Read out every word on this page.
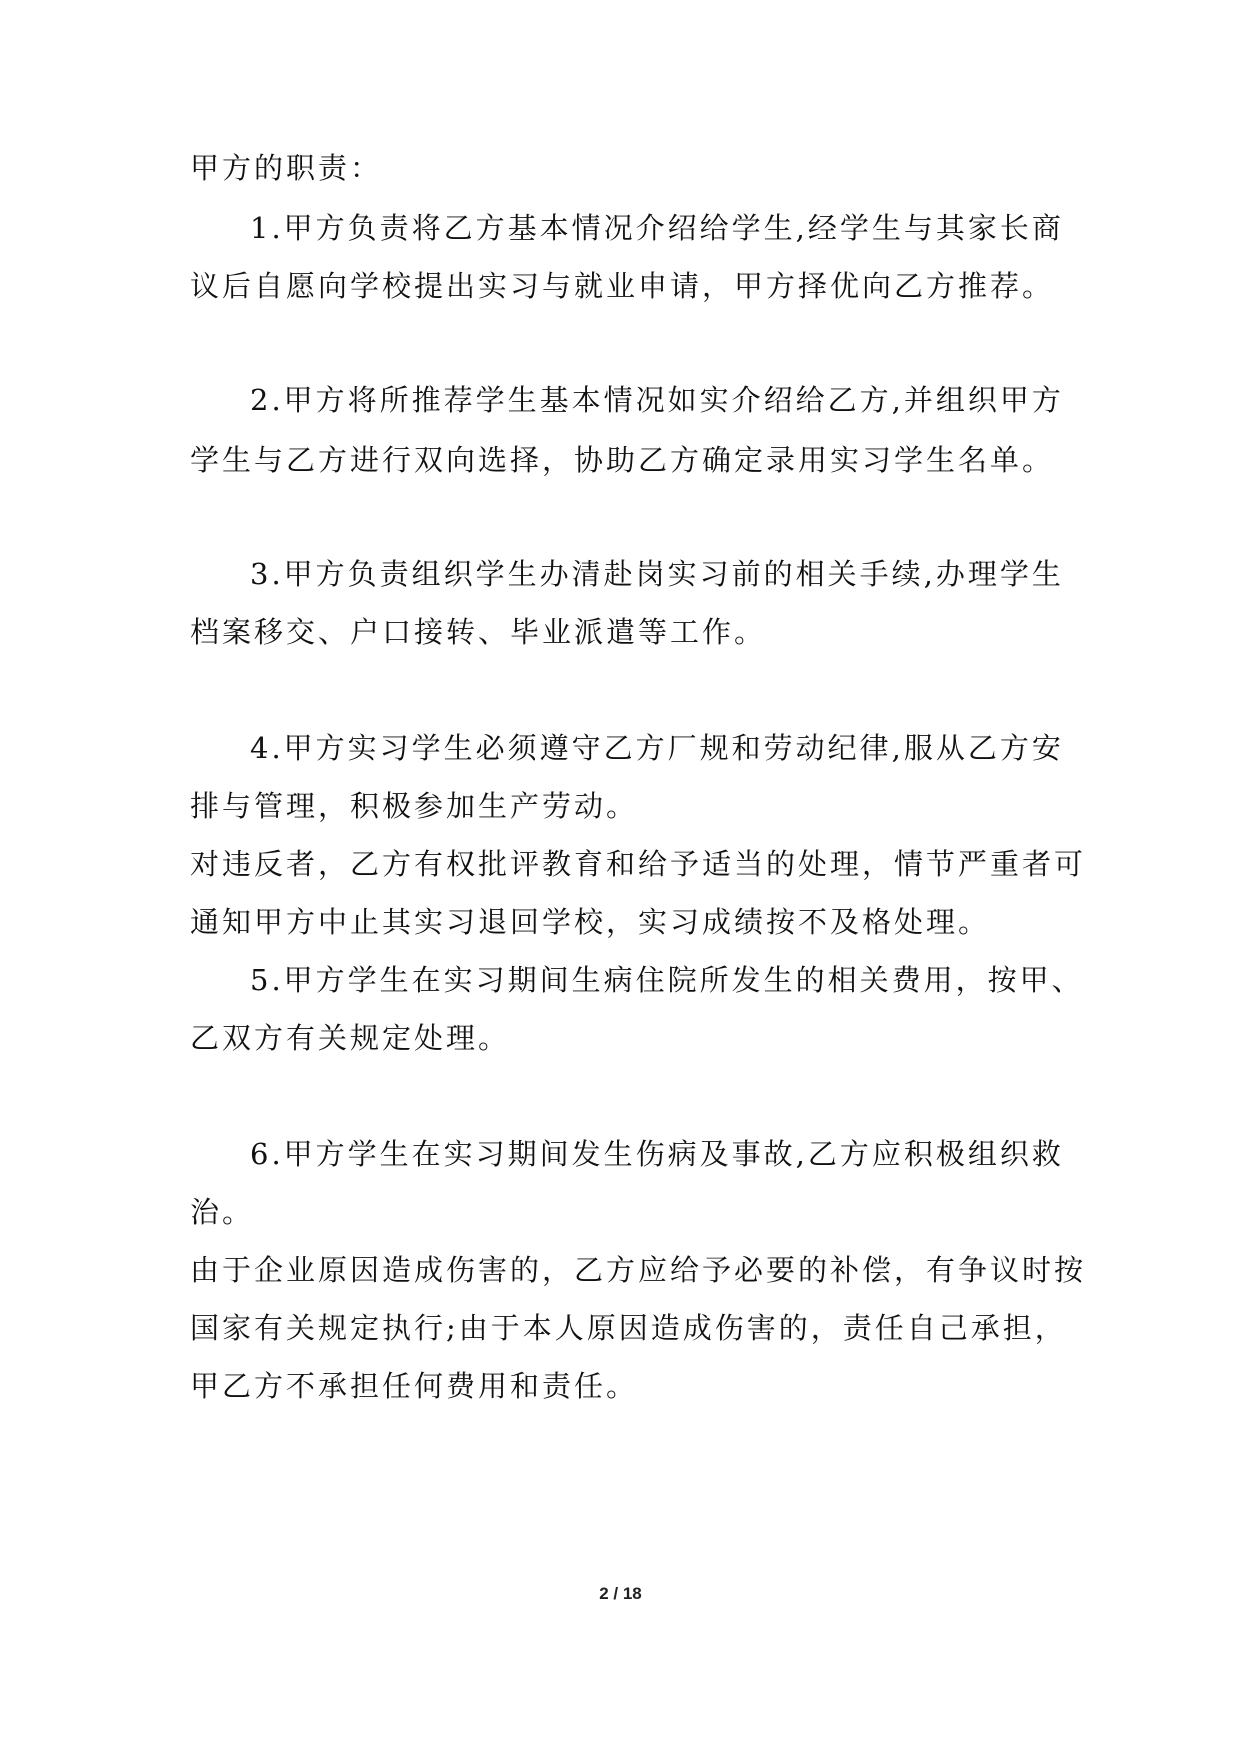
甲方的职责：
1.甲方负责将乙方基本情况介绍给学生,经学生与其家长商
议后自愿向学校提出实习与就业申请，甲方择优向乙方推荐。
2.甲方将所推荐学生基本情况如实介绍给乙方,并组织甲方
学生与乙方进行双向选择，协助乙方确定录用实习学生名单。
3.甲方负责组织学生办清赴岗实习前的相关手续,办理学生
档案移交、户口接转、毕业派遣等工作。
4.甲方实习学生必须遵守乙方厂规和劳动纪律,服从乙方安
排与管理，积极参加生产劳动。
对违反者，乙方有权批评教育和给予适当的处理，情节严重者可
通知甲方中止其实习退回学校，实习成绩按不及格处理。
5.甲方学生在实习期间生病住院所发生的相关费用，按甲、
乙双方有关规定处理。
6.甲方学生在实习期间发生伤病及事故,乙方应积极组织救
治。
由于企业原因造成伤害的，乙方应给予必要的补偿，有争议时按
国家有关规定执行;由于本人原因造成伤害的，责任自己承担，
甲乙方不承担任何费用和责任。
2 / 18
